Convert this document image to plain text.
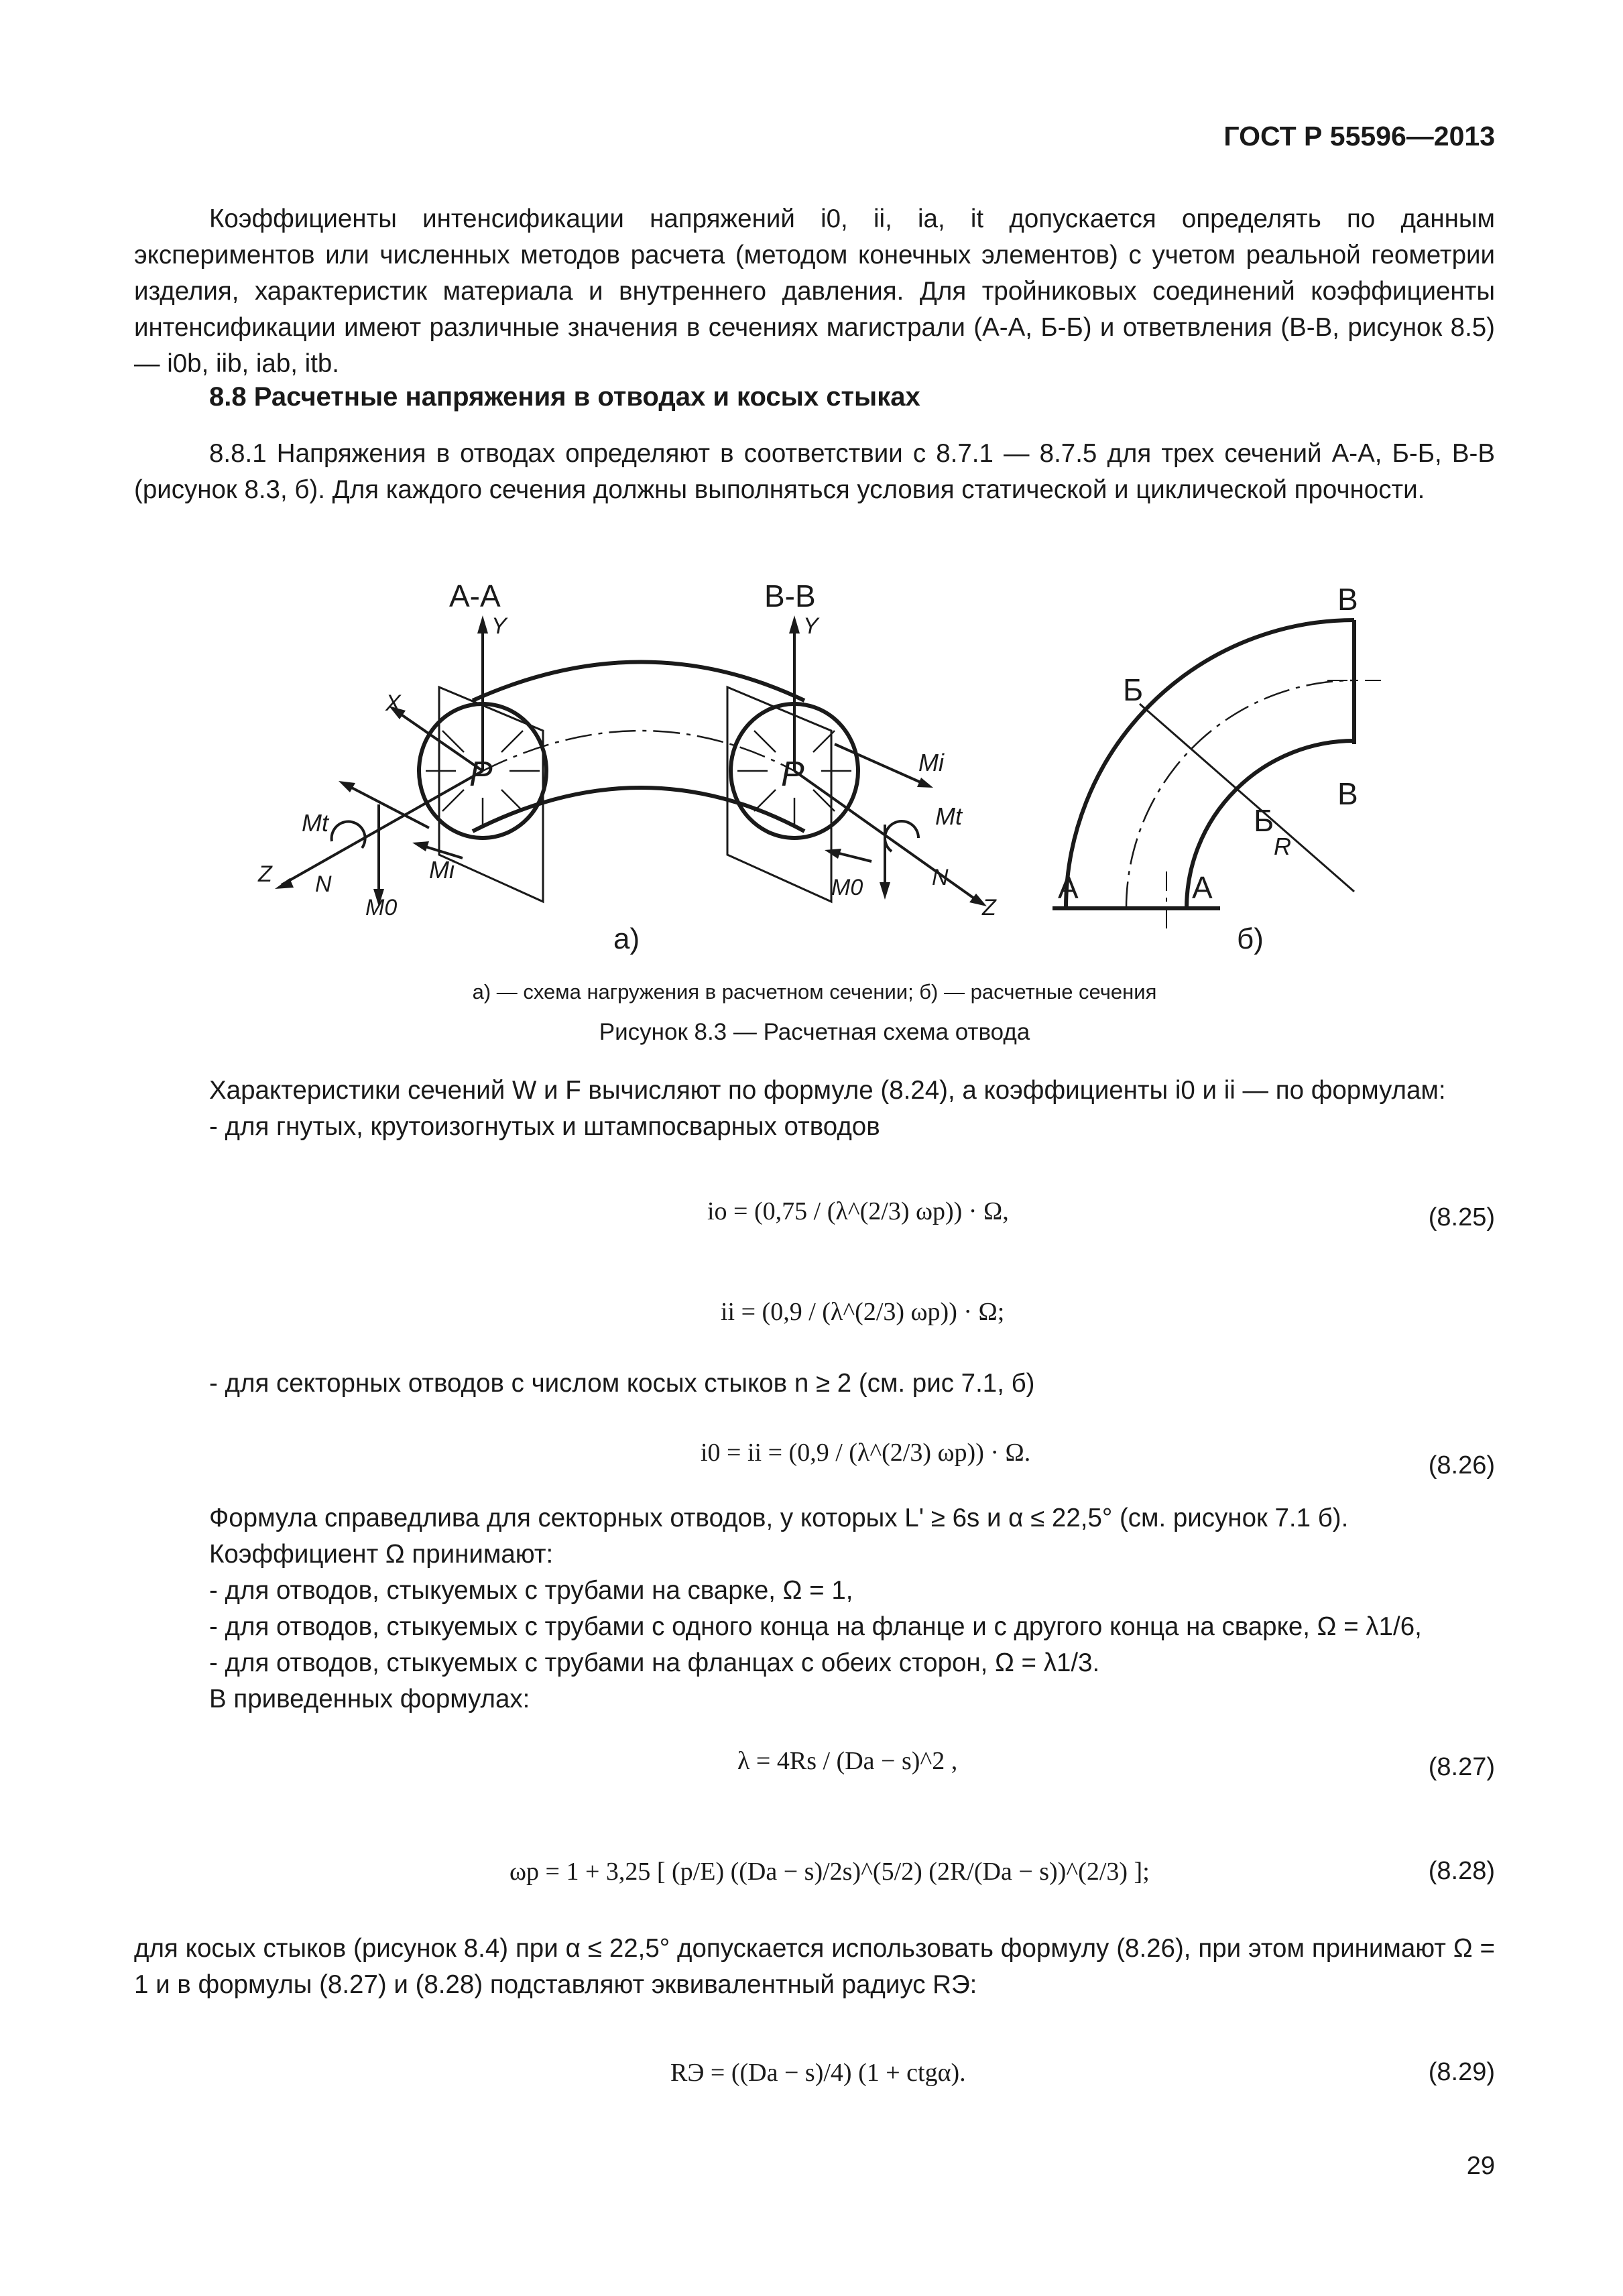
ГОСТ Р 55596—2013
Коэффициенты интенсификации напряжений i0, ii, ia, it допускается определять по данным экспериментов или численных методов расчета (методом конечных элементов) с учетом реальной геометрии изделия, характеристик материала и внутреннего давления. Для тройниковых соединений коэффициенты интенсификации имеют различные значения в сечениях магистрали (А-А, Б-Б) и ответвления (В-В, рисунок 8.5) — i0b, iib, iab, itb.
8.8 Расчетные напряжения в отводах и косых стыках
8.8.1 Напряжения в отводах определяют в соответствии с 8.7.1 — 8.7.5 для трех сечений А-А, Б-Б, В-В (рисунок 8.3, б). Для каждого сечения должны выполняться условия статической и циклической прочности.
А-А	В-В
Y	Y
X
P	P
Mt	Mt
Mi
Mi
Z
Z
N	N
M0
M0
а)	б)
В
В
Б
Б
А	А
R
а) — схема нагружения в расчетном сечении; б) — расчетные сечения
Рисунок 8.3 — Расчетная схема отвода
Характеристики сечений W и F вычисляют по формуле (8.24), а коэффициенты i0 и ii — по формулам:
- для гнутых, крутоизогнутых и штампосварных отводов
io = (0,75 / (λ^(2/3) ωp)) · Ω,	(8.25)
ii = (0,9 / (λ^(2/3) ωp)) · Ω;
- для секторных отводов с числом косых стыков n ≥ 2 (см. рис 7.1, б)
i0 = ii = (0,9 / (λ^(2/3) ωp)) · Ω.	(8.26)
Формула справедлива для секторных отводов, у которых L' ≥ 6s и α ≤ 22,5° (см. рисунок 7.1 б).
Коэффициент Ω принимают:
- для отводов, стыкуемых с трубами на сварке, Ω = 1,
- для отводов, стыкуемых с трубами с одного конца на фланце и с другого конца на сварке, Ω = λ1/6,
- для отводов, стыкуемых с трубами на фланцах с обеих сторон, Ω = λ1/3.
В приведенных формулах:
λ = 4Rs / (Da − s)^2 ,	(8.27)
ωp = 1 + 3,25 [ (p/E) ((Da − s)/2s)^(5/2) (2R/(Da − s))^(2/3) ];	(8.28)
для косых стыков (рисунок 8.4) при α ≤ 22,5° допускается использовать формулу (8.26), при этом принимают Ω = 1 и в формулы (8.27) и (8.28) подставляют эквивалентный радиус RЭ:
RЭ = ((Da − s)/4) (1 + ctgα).	(8.29)
29
